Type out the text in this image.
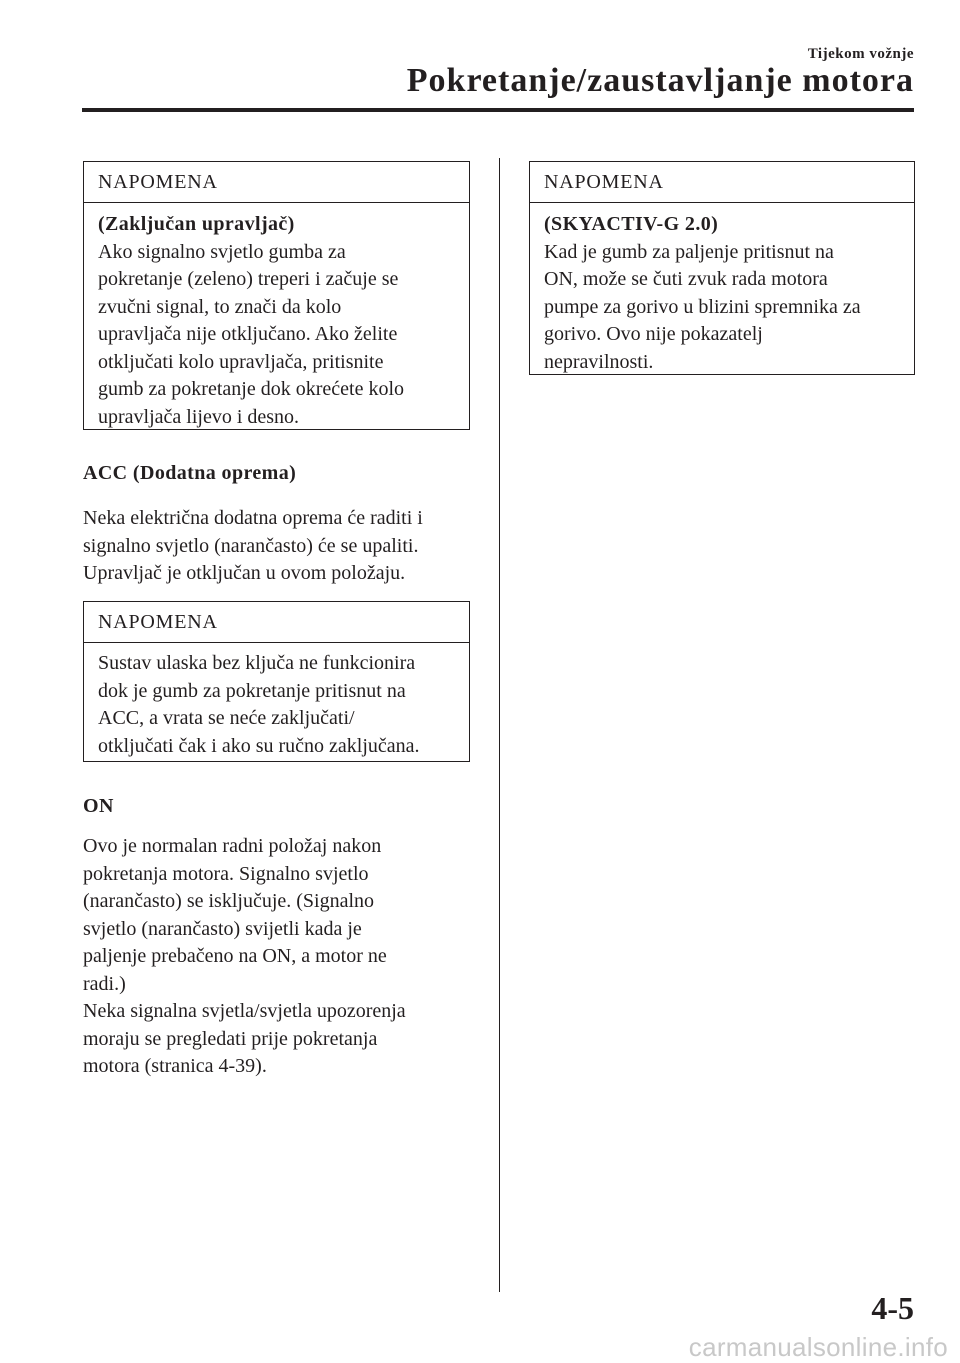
Tijekom vožnje
Pokretanje/zaustavljanje motora
NAPOMENA

(Zaključan upravljač)

Ako signalno svjetlo gumba za

pokretanje (zeleno) treperi i začuje se

zvučni signal, to znači da kolo

upravljača nije otključano. Ako želite

otključati kolo upravljača, pritisnite

gumb za pokretanje dok okrećete kolo

upravljača lijevo i desno.

ACC (Dodatna oprema)

Neka električna dodatna oprema će raditi i

signalno svjetlo (narančasto) će se upaliti.

Upravljač je otključan u ovom položaju.

NAPOMENA

Sustav ulaska bez ključa ne funkcionira

dok je gumb za pokretanje pritisnut na

ACC, a vrata se neće zaključati/

otključati čak i ako su ručno zaključana.

ON

Ovo je normalan radni položaj nakon

pokretanja motora. Signalno svjetlo

(narančasto) se isključuje. (Signalno

svjetlo (narančasto) svijetli kada je

paljenje prebačeno na ON, a motor ne

radi.)

Neka signalna svjetla/svjetla upozorenja

moraju se pregledati prije pokretanja

motora (stranica 4-39).

NAPOMENA

(SKYACTIV-G 2.0)

Kad je gumb za paljenje pritisnut na

ON, može se čuti zvuk rada motora

pumpe za gorivo u blizini spremnika za

gorivo. Ovo nije pokazatelj

nepravilnosti.

4-5
carmanualsonline.info
